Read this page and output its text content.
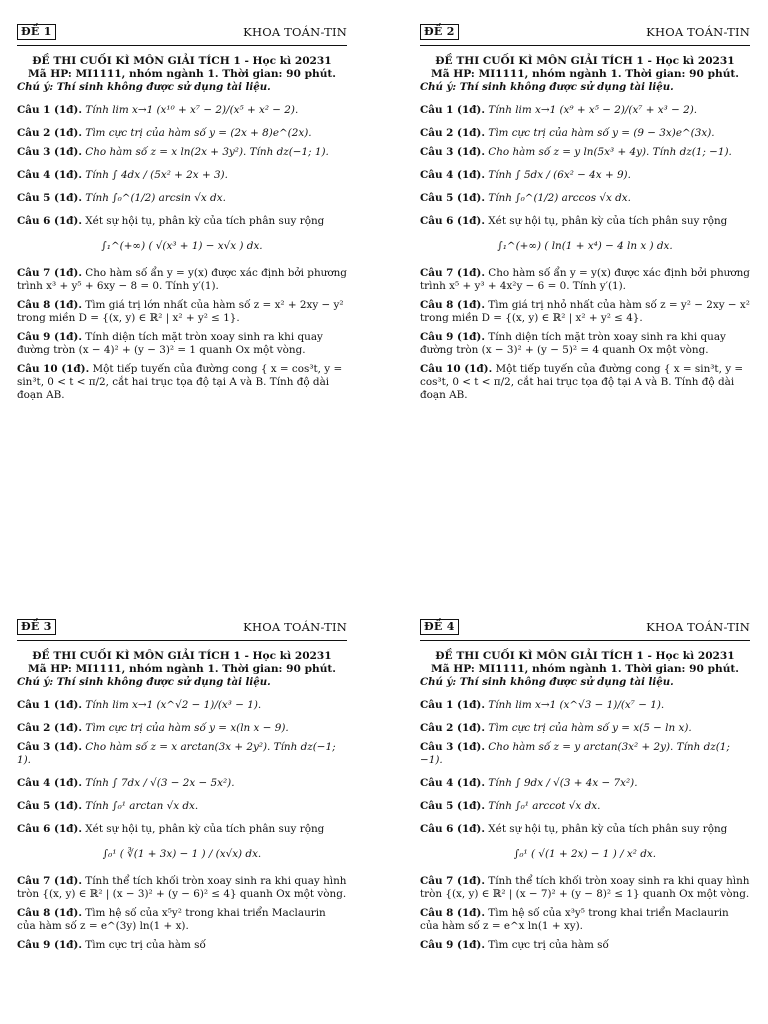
ĐỀ 1	KHOA TOÁN-TIN
ĐỀ THI CUỐI KÌ MÔN GIẢI TÍCH 1 - Học kì 20231
Mã HP: MI1111, nhóm ngành 1. Thời gian: 90 phút.
Chú ý: Thí sinh không được sử dụng tài liệu.
Câu 1 (1đ). Tính lim x→1 (x¹⁰ + x⁷ − 2)/(x⁵ + x² − 2).
Câu 2 (1đ). Tìm cực trị của hàm số y = (2x + 8)e^(2x).
Câu 3 (1đ). Cho hàm số z = x ln(2x + 3y²). Tính dz(−1; 1).
Câu 4 (1đ). Tính ∫ 4dx / (5x² + 2x + 3).
Câu 5 (1đ). Tính ∫₀^(1/2) arcsin √x dx.
Câu 6 (1đ). Xét sự hội tụ, phân kỳ của tích phân suy rộng
∫₁^(+∞) ( √(x³ + 1) − x√x ) dx.
Câu 7 (1đ). Cho hàm số ẩn y = y(x) được xác định bởi phương trình x³ + y⁵ + 6xy − 8 = 0. Tính y′(1).
Câu 8 (1đ). Tìm giá trị lớn nhất của hàm số z = x² + 2xy − y² trong miền D = {(x, y) ∈ ℝ² | x² + y² ≤ 1}.
Câu 9 (1đ). Tính diện tích mặt tròn xoay sinh ra khi quay đường tròn (x − 4)² + (y − 3)² = 1 quanh Ox một vòng.
Câu 10 (1đ). Một tiếp tuyến của đường cong { x = cos³t, y = sin³t, 0 < t < π/2, cắt hai trục tọa độ tại A và B. Tính độ dài đoạn AB.
ĐỀ 2	KHOA TOÁN-TIN
ĐỀ THI CUỐI KÌ MÔN GIẢI TÍCH 1 - Học kì 20231
Mã HP: MI1111, nhóm ngành 1. Thời gian: 90 phút.
Chú ý: Thí sinh không được sử dụng tài liệu.
Câu 1 (1đ). Tính lim x→1 (x⁹ + x⁵ − 2)/(x⁷ + x³ − 2).
Câu 2 (1đ). Tìm cực trị của hàm số y = (9 − 3x)e^(3x).
Câu 3 (1đ). Cho hàm số z = y ln(5x³ + 4y). Tính dz(1; −1).
Câu 4 (1đ). Tính ∫ 5dx / (6x² − 4x + 9).
Câu 5 (1đ). Tính ∫₀^(1/2) arccos √x dx.
Câu 6 (1đ). Xét sự hội tụ, phân kỳ của tích phân suy rộng
∫₁^(+∞) ( ln(1 + x⁴) − 4 ln x ) dx.
Câu 7 (1đ). Cho hàm số ẩn y = y(x) được xác định bởi phương trình x⁵ + y³ + 4x²y − 6 = 0. Tính y′(1).
Câu 8 (1đ). Tìm giá trị nhỏ nhất của hàm số z = y² − 2xy − x² trong miền D = {(x, y) ∈ ℝ² | x² + y² ≤ 4}.
Câu 9 (1đ). Tính diện tích mặt tròn xoay sinh ra khi quay đường tròn (x − 3)² + (y − 5)² = 4 quanh Ox một vòng.
Câu 10 (1đ). Một tiếp tuyến của đường cong { x = sin³t, y = cos³t, 0 < t < π/2, cắt hai trục tọa độ tại A và B. Tính độ dài đoạn AB.
ĐỀ 3	KHOA TOÁN-TIN
ĐỀ THI CUỐI KÌ MÔN GIẢI TÍCH 1 - Học kì 20231
Mã HP: MI1111, nhóm ngành 1. Thời gian: 90 phút.
Chú ý: Thí sinh không được sử dụng tài liệu.
Câu 1 (1đ). Tính lim x→1 (x^√2 − 1)/(x³ − 1).
Câu 2 (1đ). Tìm cực trị của hàm số y = x(ln x − 9).
Câu 3 (1đ). Cho hàm số z = x arctan(3x + 2y²). Tính dz(−1; 1).
Câu 4 (1đ). Tính ∫ 7dx / √(3 − 2x − 5x²).
Câu 5 (1đ). Tính ∫₀¹ arctan √x dx.
Câu 6 (1đ). Xét sự hội tụ, phân kỳ của tích phân suy rộng
∫₀¹ ( ∛(1 + 3x) − 1 ) / (x√x) dx.
Câu 7 (1đ). Tính thể tích khối tròn xoay sinh ra khi quay hình tròn {(x, y) ∈ ℝ² | (x − 3)² + (y − 6)² ≤ 4} quanh Ox một vòng.
Câu 8 (1đ). Tìm hệ số của x⁵y² trong khai triển Maclaurin của hàm số z = e^(3y) ln(1 + x).
Câu 9 (1đ). Tìm cực trị của hàm số
ĐỀ 4	KHOA TOÁN-TIN
ĐỀ THI CUỐI KÌ MÔN GIẢI TÍCH 1 - Học kì 20231
Mã HP: MI1111, nhóm ngành 1. Thời gian: 90 phút.
Chú ý: Thí sinh không được sử dụng tài liệu.
Câu 1 (1đ). Tính lim x→1 (x^√3 − 1)/(x⁷ − 1).
Câu 2 (1đ). Tìm cực trị của hàm số y = x(5 − ln x).
Câu 3 (1đ). Cho hàm số z = y arctan(3x² + 2y). Tính dz(1; −1).
Câu 4 (1đ). Tính ∫ 9dx / √(3 + 4x − 7x²).
Câu 5 (1đ). Tính ∫₀¹ arccot √x dx.
Câu 6 (1đ). Xét sự hội tụ, phân kỳ của tích phân suy rộng
∫₀¹ ( √(1 + 2x) − 1 ) / x² dx.
Câu 7 (1đ). Tính thể tích khối tròn xoay sinh ra khi quay hình tròn {(x, y) ∈ ℝ² | (x − 7)² + (y − 8)² ≤ 1} quanh Ox một vòng.
Câu 8 (1đ). Tìm hệ số của x³y⁵ trong khai triển Maclaurin của hàm số z = e^x ln(1 + xy).
Câu 9 (1đ). Tìm cực trị của hàm số
